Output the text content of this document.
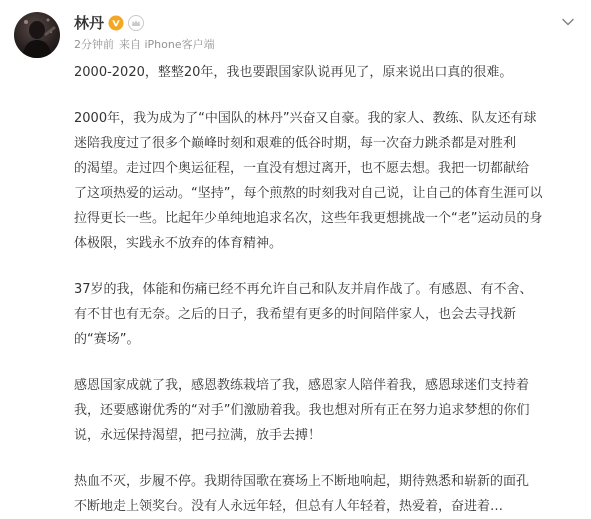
林丹
2分钟前 来自 iPhone客户端

2000-2020，整整20年，我也要跟国家队说再见了，原来说出口真的很难。

2000年，我为成为了“中国队的林丹”兴奋又自豪。我的家人、教练、队友还有球
迷陪我度过了很多个巅峰时刻和艰难的低谷时期，每一次奋力跳杀都是对胜利
的渴望。走过四个奥运征程，一直没有想过离开，也不愿去想。我把一切都献给
了这项热爱的运动。“坚持”，每个煎熬的时刻我对自己说，让自己的体育生涯可以
拉得更长一些。比起年少单纯地追求名次，这些年我更想挑战一个“老”运动员的身
体极限，实践永不放弃的体育精神。

37岁的我，体能和伤痛已经不再允许自己和队友并肩作战了。有感恩、有不舍、
有不甘也有无奈。之后的日子，我希望有更多的时间陪伴家人，也会去寻找新
的“赛场”。

感恩国家成就了我，感恩教练栽培了我，感恩家人陪伴着我，感恩球迷们支持着
我，还要感谢优秀的“对手”们激励着我。我也想对所有正在努力追求梦想的你们
说，永远保持渴望，把弓拉满，放手去搏！

热血不灭，步履不停。我期待国歌在赛场上不断地响起，期待熟悉和崭新的面孔
不断地走上领奖台。没有人永远年轻，但总有人年轻着，热爱着，奋进着…
